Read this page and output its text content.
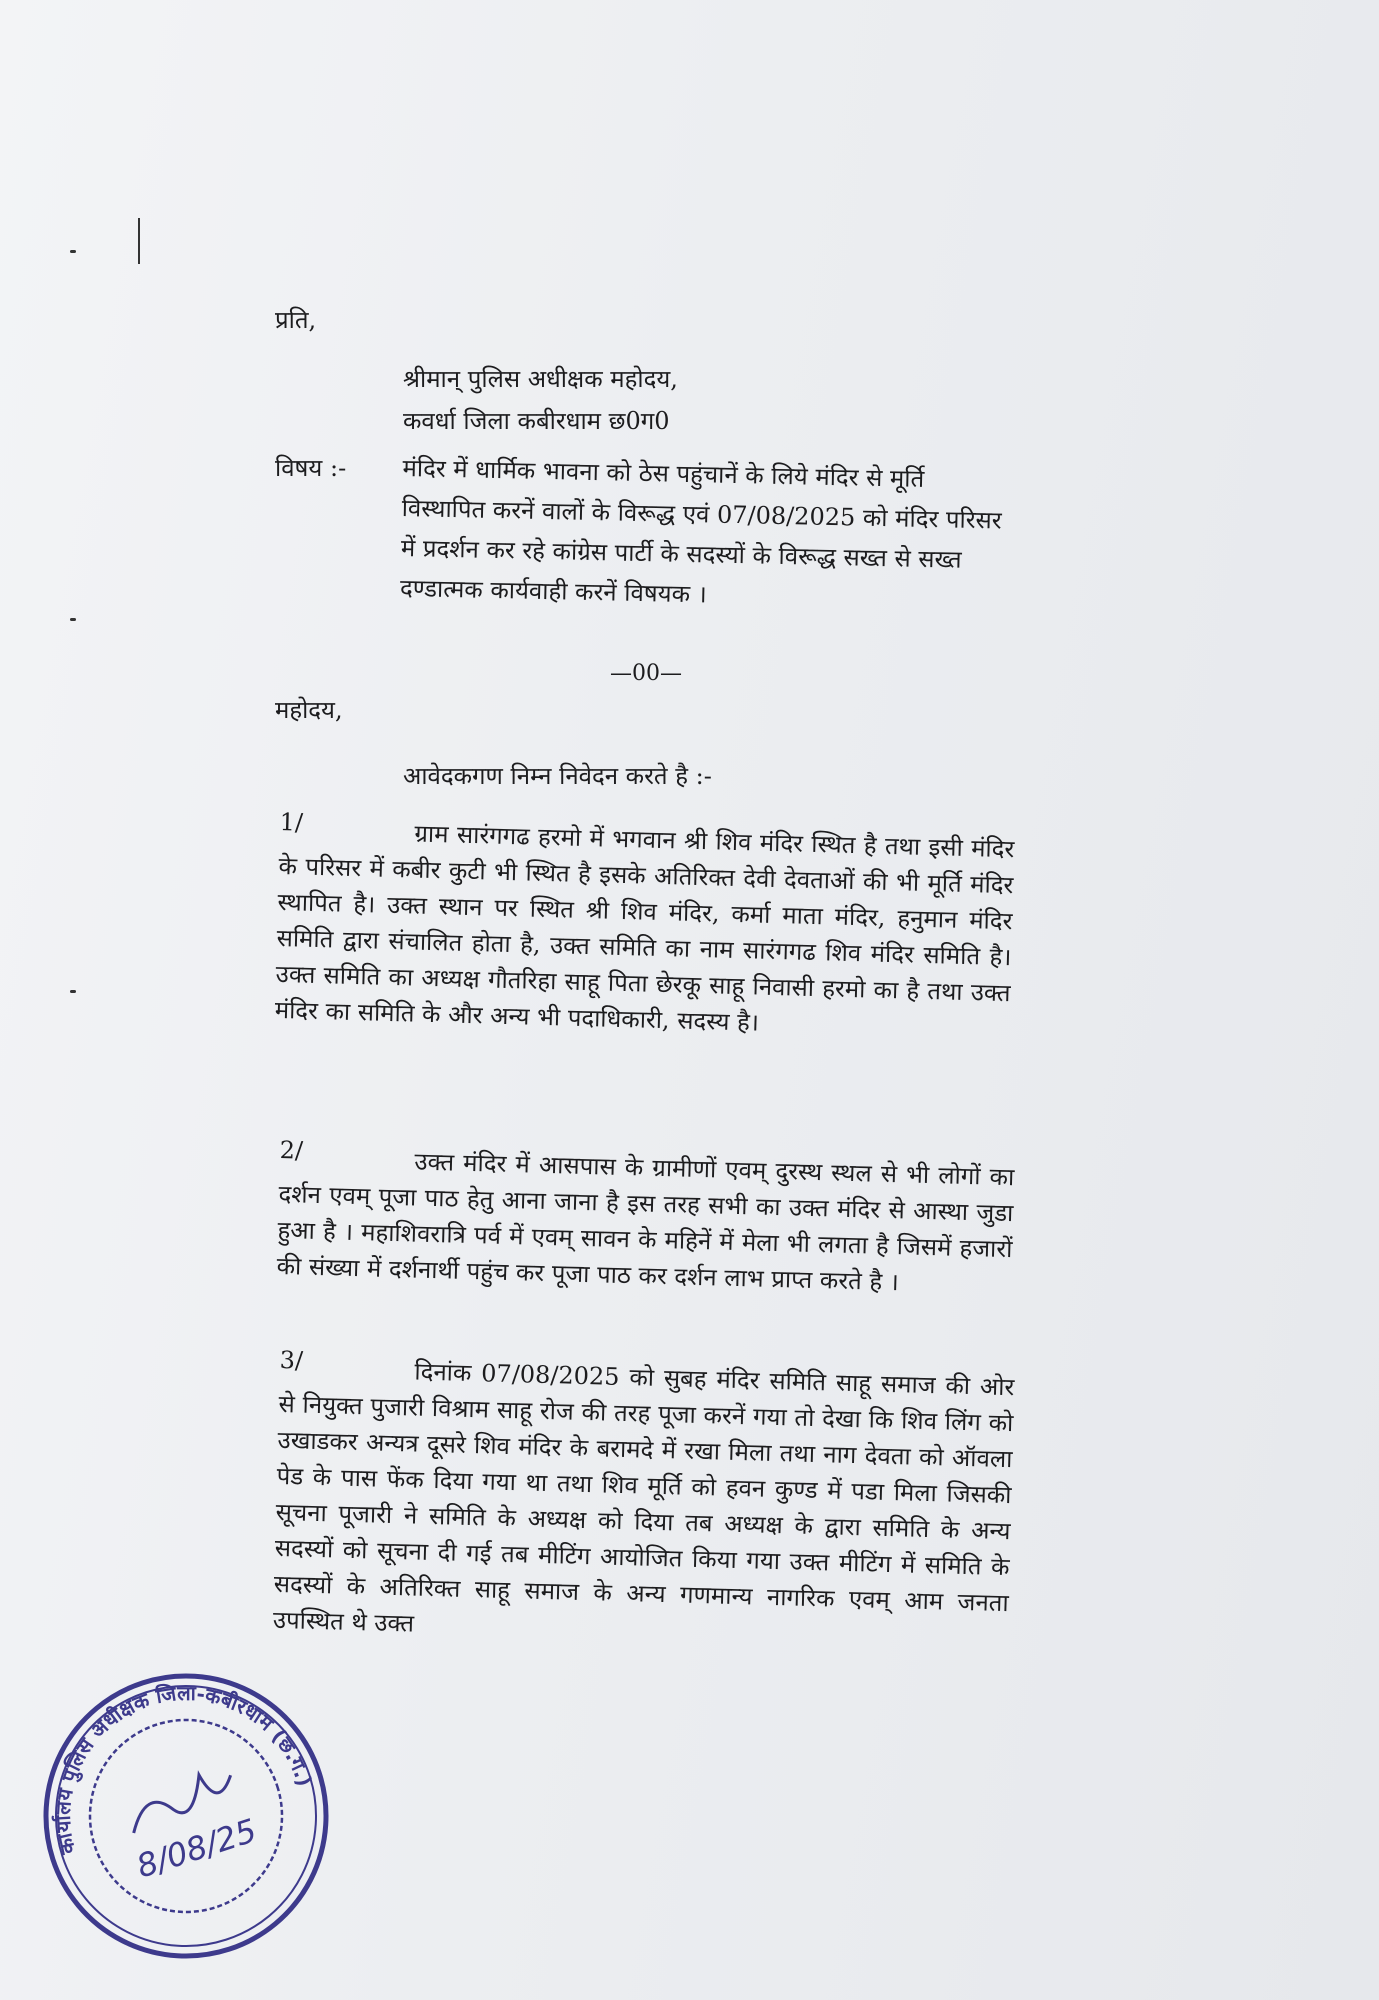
प्रति,
श्रीमान् पुलिस अधीक्षक महोदय,
कवर्धा जिला कबीरधाम छ0ग0
विषय :- मंदिर में धार्मिक भावना को ठेस पहुंचानें के लिये मंदिर से मूर्ति विस्थापित करनें वालों के विरूद्ध एवं 07/08/2025 को मंदिर परिसर में प्रदर्शन कर रहे कांग्रेस पार्टी के सदस्यों के विरूद्ध सख्त से सख्त दण्डात्मक कार्यवाही करनें विषयक ।
—00—
महोदय,
आवेदकगण निम्न निवेदन करते है :-
1/	ग्राम सारंगगढ हरमो में भगवान श्री शिव मंदिर स्थित है तथा इसी मंदिर के परिसर में कबीर कुटी भी स्थित है इसके अतिरिक्त देवी देवताओं की भी मूर्ति मंदिर स्थापित है। उक्त स्थान पर स्थित श्री शिव मंदिर, कर्मा माता मंदिर, हनुमान मंदिर समिति द्वारा संचालित होता है, उक्त समिति का नाम सारंगगढ शिव मंदिर समिति है। उक्त समिति का अध्यक्ष गौतरिहा साहू पिता छेरकू साहू निवासी हरमो का है तथा उक्त मंदिर का समिति के और अन्य भी पदाधिकारी, सदस्य है।

2/	उक्त मंदिर में आसपास के ग्रामीणों एवम् दुरस्थ स्थल से भी लोगों का दर्शन एवम् पूजा पाठ हेतु आना जाना है इस तरह सभी का उक्त मंदिर से आस्था जुडा हुआ है । महाशिवरात्रि पर्व में एवम् सावन के महिनें में मेला भी लगता है जिसमें हजारों की संख्या में दर्शनार्थी पहुंच कर पूजा पाठ कर दर्शन लाभ प्राप्त करते है ।

3/	दिनांक 07/08/2025 को सुबह मंदिर समिति साहू समाज की ओर से नियुक्त पुजारी विश्राम साहू रोज की तरह पूजा करनें गया तो देखा कि शिव लिंग को उखाडकर अन्यत्र दूसरे शिव मंदिर के बरामदे में रखा मिला तथा नाग देवता को ऑवला पेड के पास फेंक दिया गया था तथा शिव मूर्ति को हवन कुण्ड में पडा मिला जिसकी सूचना पूजारी ने समिति के अध्यक्ष को दिया तब अध्यक्ष के द्वारा समिति के अन्य सदस्यों को सूचना दी गई तब मीटिंग आयोजित किया गया उक्त मीटिंग में समिति के सदस्यों के अतिरिक्त साहू समाज के अन्य गणमान्य नागरिक एवम् आम जनता उपस्थित थे उक्त

कार्यालय पुलिस अधीक्षक जिला-कबीरधाम (छ.ग.)
8/08/25
